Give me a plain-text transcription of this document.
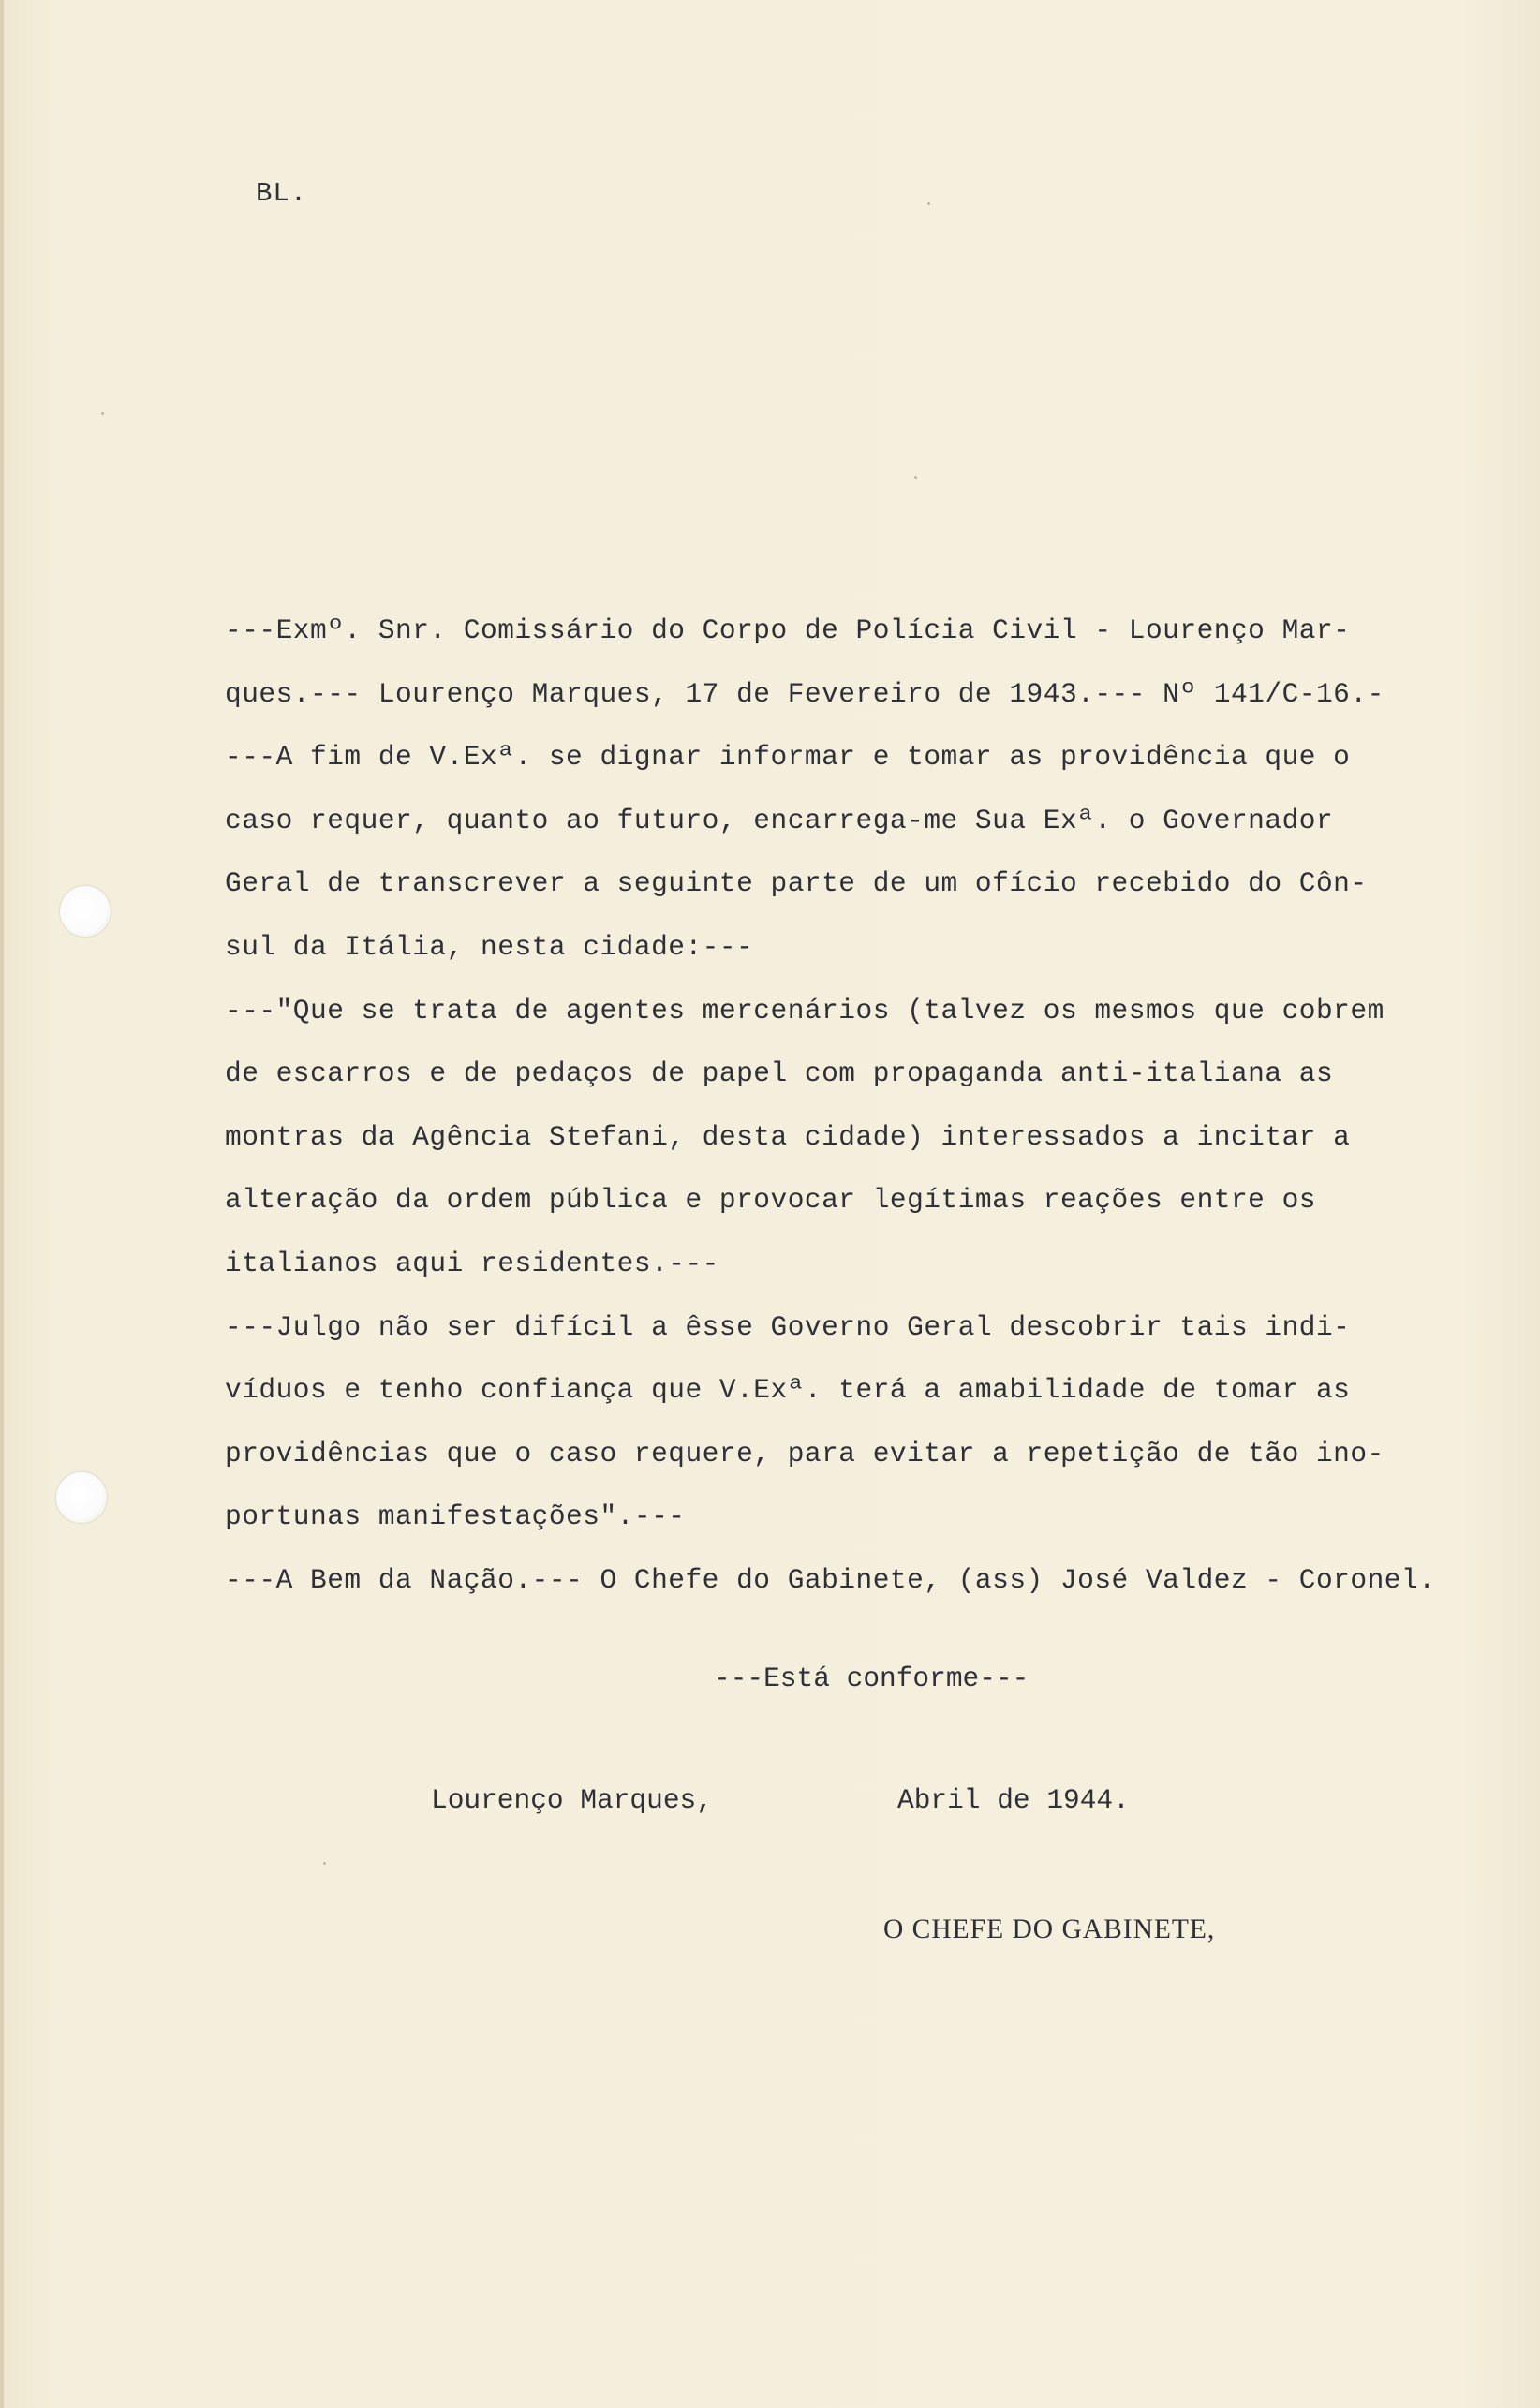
BL.
---Exmº. Snr. Comissário do Corpo de Polícia Civil - Lourenço Mar-
ques.--- Lourenço Marques, 17 de Fevereiro de 1943.--- Nº 141/C-16.-
---A fim de V.Exª. se dignar informar e tomar as providência que o
caso requer, quanto ao futuro, encarrega-me Sua Exª. o Governador
Geral de transcrever a seguinte parte de um ofício recebido do Côn-
sul da Itália, nesta cidade:---
---"Que se trata de agentes mercenários (talvez os mesmos que cobrem
de escarros e de pedaços de papel com propaganda anti-italiana as
montras da Agência Stefani, desta cidade) interessados a incitar a
alteração da ordem pública e provocar legítimas reações entre os
italianos aqui residentes.---
---Julgo não ser difícil a êsse Governo Geral descobrir tais indi-
víduos e tenho confiança que V.Exª. terá a amabilidade de tomar as
providências que o caso requere, para evitar a repetição de tão ino-
portunas manifestações".---
---A Bem da Nação.--- O Chefe do Gabinete, (ass) José Valdez - Coronel.
---Está conforme---
Lourenço Marques,	Abril de 1944.
O CHEFE DO GABINETE,
